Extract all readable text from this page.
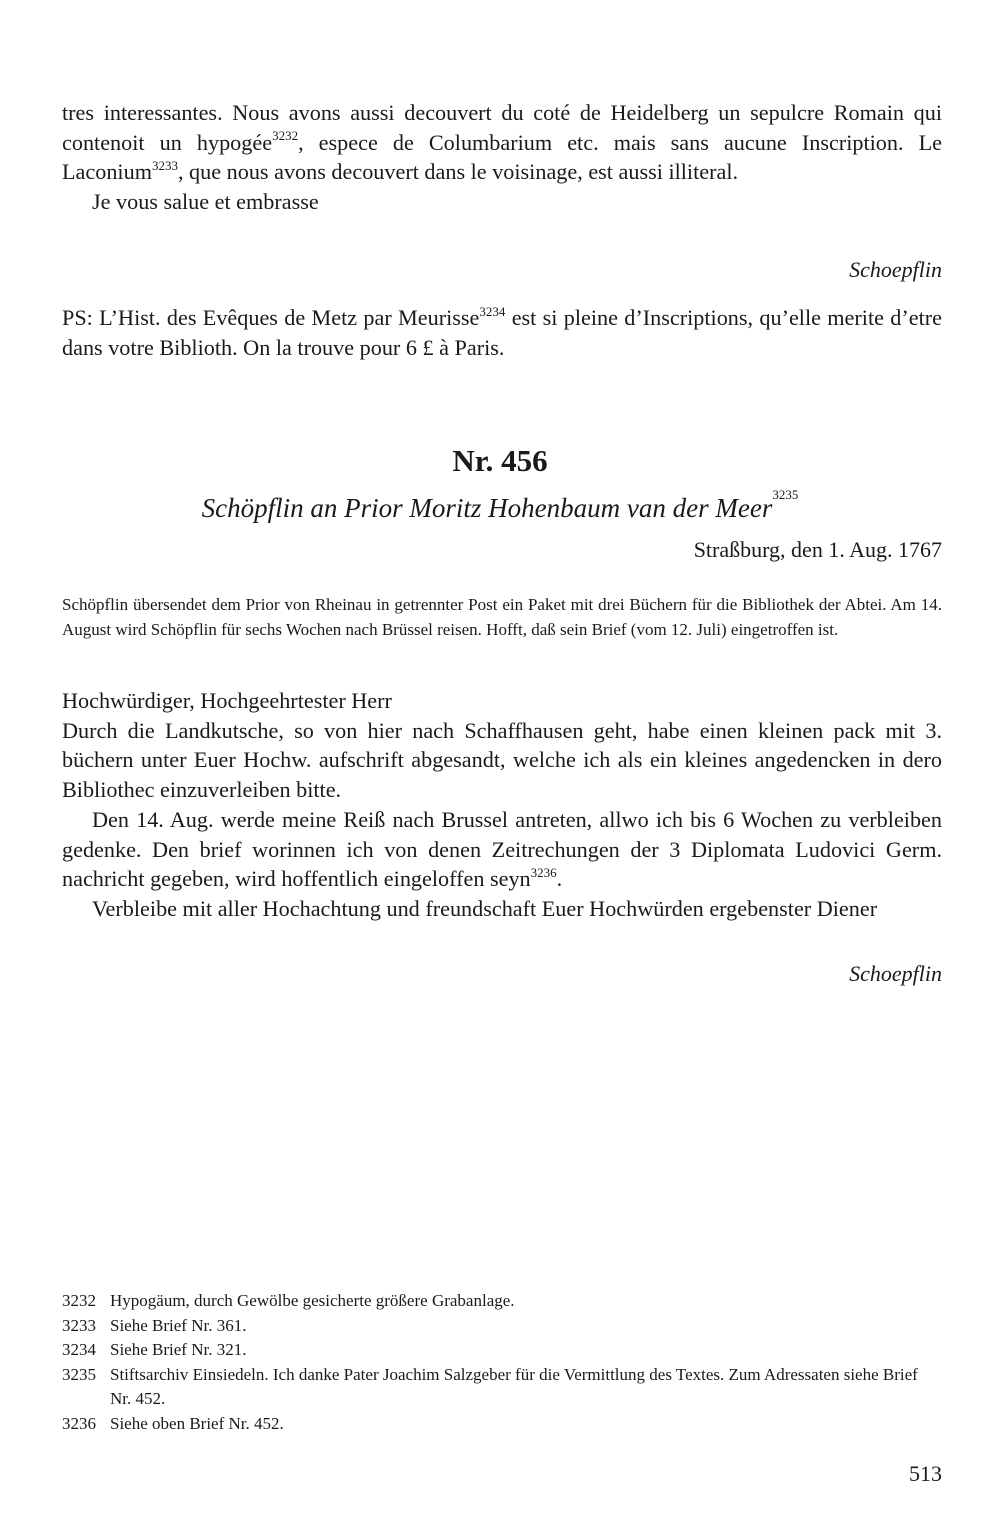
tres interessantes. Nous avons aussi decouvert du coté de Heidelberg un sepulcre Romain qui contenoit un hypogée$^{3232}$, espece de Columbarium etc. mais sans aucune Inscription. Le Laconium$^{3233}$, que nous avons decouvert dans le voisinage, est aussi illiteral.
Je vous salue et embrasse
Schoepflin
PS: L’Hist. des Evêques de Metz par Meurisse$^{3234}$ est si pleine d’Inscriptions, qu’elle merite d’etre dans votre Biblioth. On la trouve pour 6 £ à Paris.
Nr. 456
Schöpflin an Prior Moritz Hohenbaum van der Meer$^{3235}$
Straßburg, den 1. Aug. 1767
Schöpflin übersendet dem Prior von Rheinau in getrennter Post ein Paket mit drei Büchern für die Bibliothek der Abtei. Am 14. August wird Schöpflin für sechs Wochen nach Brüssel reisen. Hofft, daß sein Brief (vom 12. Juli) eingetroffen ist.
Hochwürdiger, Hochgeehrtester Herr
Durch die Landkutsche, so von hier nach Schaffhausen geht, habe einen kleinen pack mit 3. büchern unter Euer Hochw. aufschrift abgesandt, welche ich als ein kleines angedencken in dero Bibliothec einzuverleiben bitte.
Den 14. Aug. werde meine Reiß nach Brussel antreten, allwo ich bis 6 Wochen zu verbleiben gedenke. Den brief worinnen ich von denen Zeitrechungen der 3 Diplomata Ludovici Germ. nachricht gegeben, wird hoffentlich eingeloffen seyn$^{3236}$.
Verbleibe mit aller Hochachtung und freundschaft Euer Hochwürden ergebenster Diener
Schoepflin
3232 Hypogäum, durch Gewölbe gesicherte größere Grabanlage.
3233 Siehe Brief Nr. 361.
3234 Siehe Brief Nr. 321.
3235 Stiftsarchiv Einsiedeln. Ich danke Pater Joachim Salzgeber für die Vermittlung des Textes. Zum Adressaten siehe Brief Nr. 452.
3236 Siehe oben Brief Nr. 452.
513
